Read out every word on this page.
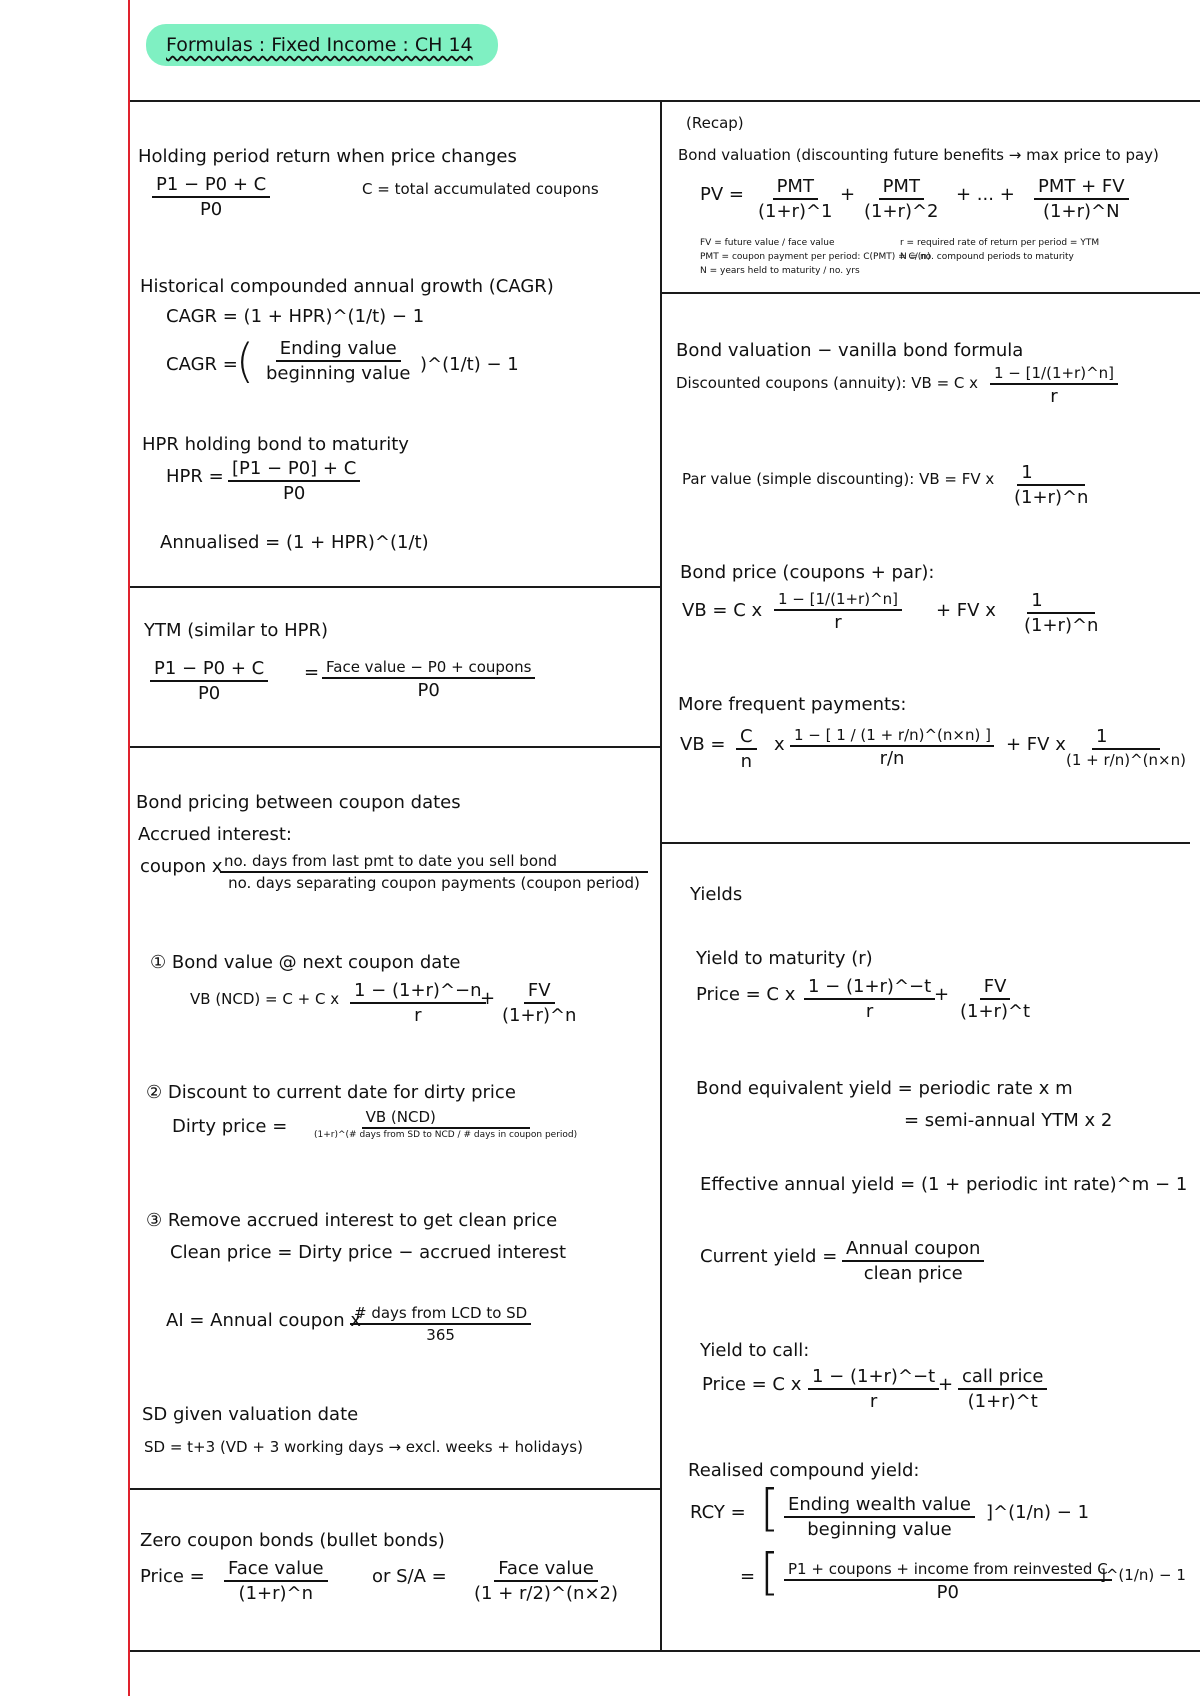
Formulas : Fixed Income : CH 14
Holding period return when price changes
$\frac{P1 - P0 + C}{P0}$	C = total accumulated coupons
Historical compounded annual growth (CAGR)
CAGR = (1 + HPR)^(1/t) − 1
CAGR =
( Ending value
beginning value )^(1/t) − 1
HPR holding bond to maturity
HPR = $\frac{[P1 - P0] + C}{P0}$
Annualised = (1 + HPR)^(1/t)
YTM (similar to HPR)
$\frac{P1 - P0 + C}{P0}$ = Face value − P0 + coupons
P0
Bond pricing between coupon dates
Accrued interest:
coupon x no. days from last pmt to date you sell bond
no. days separating coupon payments (coupon period)
① Bond value @ next coupon date
VB (NCD) = C + C x $\frac{1 - (1+r)\^{}-n}{r}$
+ $\frac{FV}{(1+r)\^{}n}$
② Discount to current date for dirty price
Dirty price =	VB (NCD)
(1+r)^(# days from SD to NCD / # days in coupon period)
③ Remove accrued interest to get clean price
Clean price = Dirty price − accrued interest
AI = Annual coupon x
# days from LCD to SD
365
SD given valuation date
SD = t+3 (VD + 3 working days → excl. weeks + holidays)
Zero coupon bonds (bullet bonds)
Price = Face value
(1+r)^n
or S/A =	Face value
(1 + r/2)^(n×2)
(Recap)
Bond valuation (discounting future benefits → max price to pay)
PV = PMT
(1+r)^1
+ PMT
(1+r)^2
+ ... + PMT + FV
(1+r)^N
FV = future value / face value
PMT = coupon payment per period: C(PMT) = C/(n)
N = years held to maturity / no. yrs
r = required rate of return per period = YTM
N = no. compound periods to maturity
Bond valuation − vanilla bond formula
Discounted coupons (annuity): VB = C x
1 − [1/(1+r)^n]
r
Par value (simple discounting): VB = FV x $\frac{1}{(1+r)\^{}n}$
Bond price (coupons + par):
VB = C x
1 − [1/(1+r)^n]
r
+ FV x $\frac{1}{(1+r)\^{}n}$
More frequent payments:
VB = C
n
x 1 − [ 1 / (1 + r/n)^(n×n) ]
r/n
+ FV x 1
(1 + r/n)^(n×n)
Yields
Yield to maturity (r)
Price = C x $\frac{1 - (1+r)\^{}-t}{r}$
+ $\frac{FV}{(1+r)\^{}t}$
Bond equivalent yield = periodic rate x m
= semi-annual YTM x 2
Effective annual yield = (1 + periodic int rate)^m − 1
Current yield = Annual coupon
clean price
Yield to call:
Price = C x $\frac{1 - (1+r)\^{}-t}{r}$
+ call price
(1+r)^t
Realised compound yield:
RCY = [ Ending wealth value
beginning value
]^(1/n) − 1
= [ P1 + coupons + income from reinvested C
P0
]^(1/n) − 1
